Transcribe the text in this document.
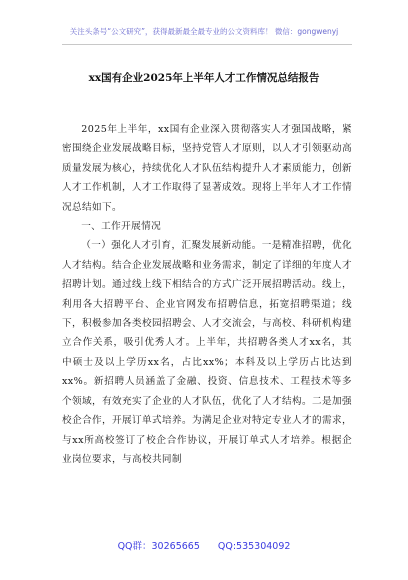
关注头条号“公文研究”，获得最新最全最专业的公文资料库！ 微信：gongwenyj
xx国有企业2025年上半年人才工作情况总结报告

2025年上半年，xx国有企业深入贯彻落实人才强国战略，紧密围绕企业发展战略目标，坚持党管人才原则，以人才引领驱动高质量发展为核心，持续优化人才队伍结构提升人才素质能力，创新人才工作机制，人才工作取得了显著成效。现将上半年人才工作情况总结如下。

一、工作开展情况

（一）强化人才引育，汇聚发展新动能。一是精准招聘，优化人才结构。结合企业发展战略和业务需求，制定了详细的年度人才招聘计划。通过线上线下相结合的方式广泛开展招聘活动。线上，利用各大招聘平台、企业官网发布招聘信息，拓宽招聘渠道；线下，积极参加各类校园招聘会、人才交流会，与高校、科研机构建立合作关系，吸引优秀人才。上半年，共招聘各类人才xx名，其中硕士及以上学历xx名，占比xx%；本科及以上学历占比达到xx%。新招聘人员涵盖了金融、投资、信息技术、工程技术等多个领域，有效充实了企业的人才队伍，优化了人才结构。二是加强校企合作，开展订单式培养。为满足企业对特定专业人才的需求，与xx所高校签订了校企合作协议，开展订单式人才培养。根据企业岗位要求，与高校共同制

QQ群：30265665 QQ:535304092
